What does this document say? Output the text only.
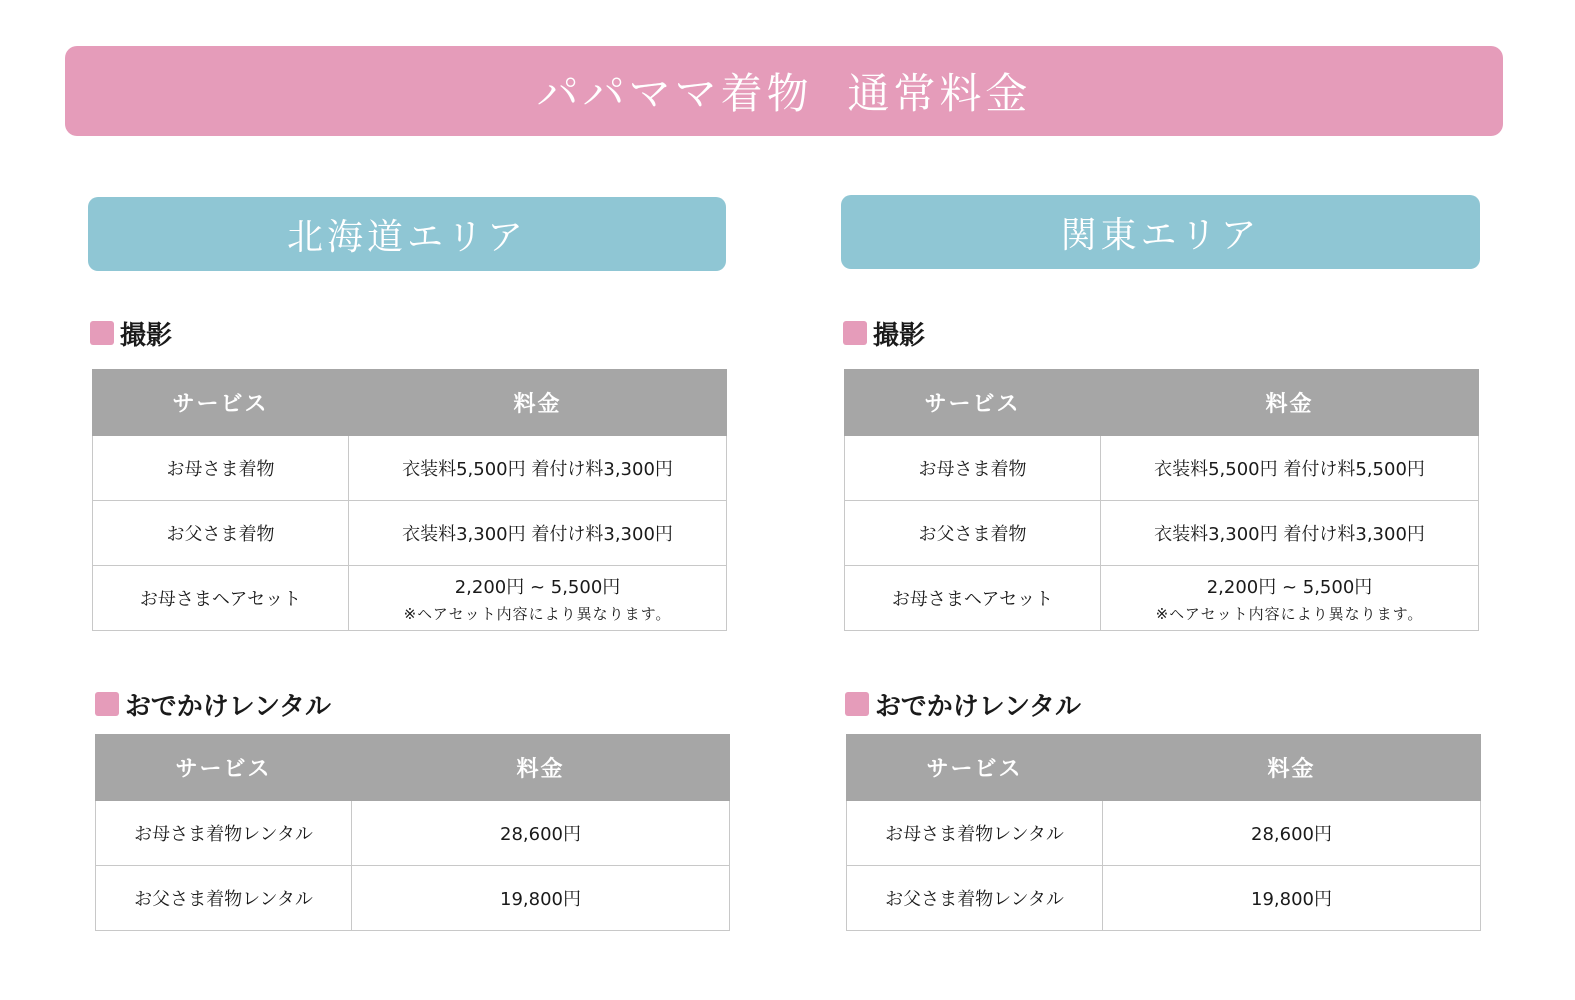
パパママ着物  通常料金
北海道エリア
撮影
サービス	料金
お母さま着物	衣装料5,500円 着付け料3,300円
お父さま着物	衣装料3,300円 着付け料3,300円
お母さまヘアセット	2,200円 ~ 5,500円
※ヘアセット内容により異なります。
おでかけレンタル
サービス	料金
お母さま着物レンタル	28,600円
お父さま着物レンタル	19,800円
関東エリア
撮影
サービス	料金
お母さま着物	衣装料5,500円 着付け料5,500円
お父さま着物	衣装料3,300円 着付け料3,300円
お母さまヘアセット	2,200円 ~ 5,500円
※ヘアセット内容により異なります。
おでかけレンタル
サービス	料金
お母さま着物レンタル	28,600円
お父さま着物レンタル	19,800円
